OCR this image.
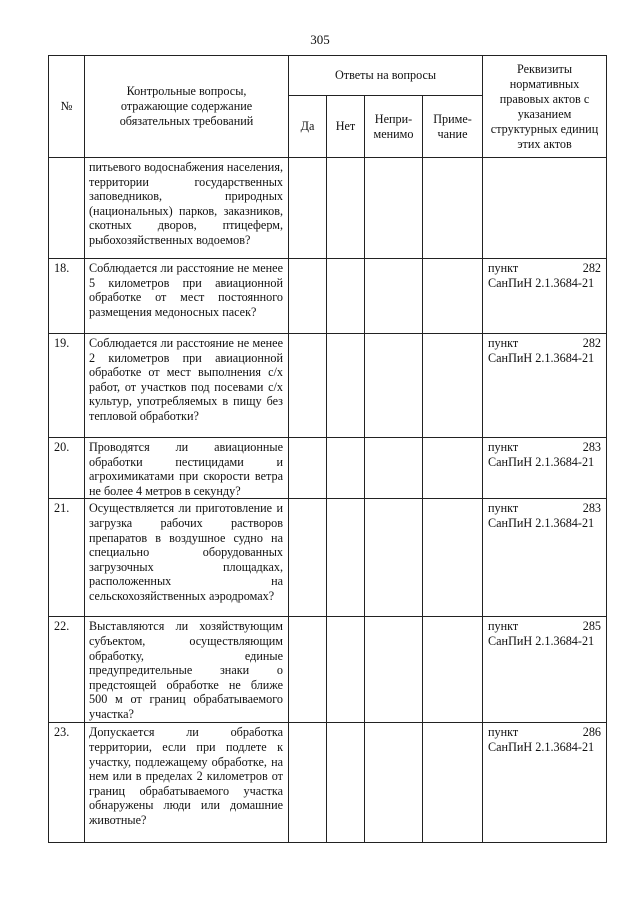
305
№	Контрольные вопросы, отражающие содержание обязательных требований	Ответы на вопросы				Реквизиты нормативных правовых актов с указанием структурных единиц этих актов
		Да	Нет	Непри-менимо	Приме-чание	

	питьевого водоснабжения населения, территории государственных заповедников, природных (национальных) парков, заказников, скотных дворов, птицеферм, рыбохозяйственных водоемов?					

18.	Соблюдается ли расстояние не менее 5 километров при авиационной обработке от мест постоянного размещения медоносных пасек?					пункт 282
СанПиН 2.1.3684-21

19.	Соблюдается ли расстояние не менее 2 километров при авиационной обработке от мест выполнения с/х работ, от участков под посевами с/х культур, употребляемых в пищу без тепловой обработки?					пункт 282
СанПиН 2.1.3684-21

20.	Проводятся ли авиационные обработки пестицидами и агрохимикатами при скорости ветра не более 4 метров в секунду?					пункт 283
СанПиН 2.1.3684-21

21.	Осуществляется ли приготовление и загрузка рабочих растворов препаратов в воздушное судно на специально оборудованных загрузочных площадках, расположенных на сельскохозяйственных аэродромах?					пункт 283
СанПиН 2.1.3684-21

22.	Выставляются ли хозяйствующим субъектом, осуществляющим обработку, единые предупредительные знаки о предстоящей обработке не ближе 500 м от границ обрабатываемого участка?					пункт 285
СанПиН 2.1.3684-21

23.	Допускается ли обработка территории, если при подлете к участку, подлежащему обработке, на нем или в пределах 2 километров от границ обрабатываемого участка обнаружены люди или домашние животные?					пункт 286
СанПиН 2.1.3684-21
